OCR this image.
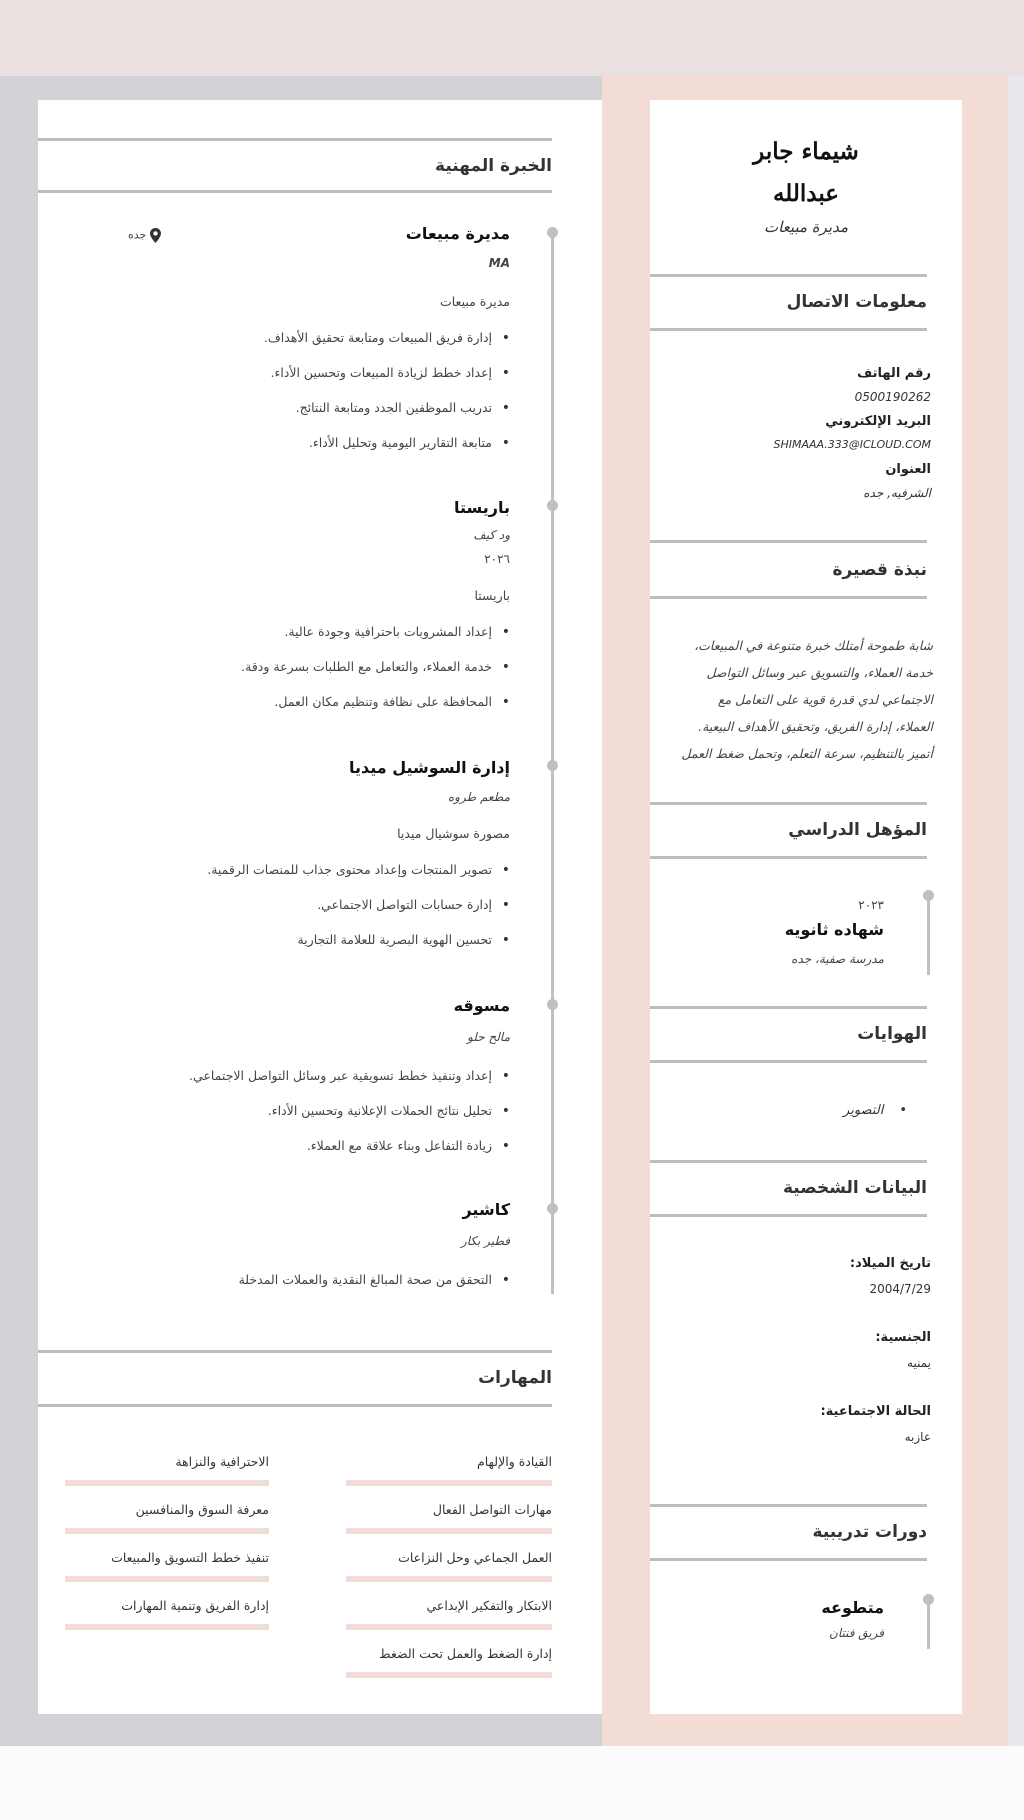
شيماء جابر
عبدالله
مديرة مبيعات
معلومات الاتصال
رقم الهاتف
0500190262
البريد الإلكتروني
SHIMAAA.333@ICLOUD.COM
العنوان
الشرفيه, جده
نبذة قصيرة
شابة طموحة أمتلك خبرة متنوعة في المبيعات،
خدمة العملاء، والتسويق عبر وسائل التواصل
الاجتماعي لدي قدرة قوية على التعامل مع
العملاء، إدارة الفريق، وتحقيق الأهداف البيعية.
أتميز بالتنظيم، سرعة التعلم، وتحمل ضغط العمل
المؤهل الدراسي
٢٠٢٣
شهاده ثانويه
مدرسة صفية، جده
الهوايات
•التصوير
البيانات الشخصية
تاريخ الميلاد:
2004/7/29
الجنسية:
يمنيه
الحالة الاجتماعية:
عازبه
دورات تدريبية
متطوعه
فريق فنتان
الخبرة المهنية
مديرة مبيعات
جده
MA
مديرة مبيعات
• إدارة فريق المبيعات ومتابعة تحقيق الأهداف.
• إعداد خطط لزيادة المبيعات وتحسين الأداء.
• تدريب الموظفين الجدد ومتابعة النتائج.
• متابعة التقارير اليومية وتحليل الأداء.
باريستا
ود كيف
٢٠٢٦
باريستا
• إعداد المشروبات باحترافية وجودة عالية.
• خدمة العملاء، والتعامل مع الطلبات بسرعة ودقة.
• المحافظة على نظافة وتنظيم مكان العمل.
إدارة السوشيل ميديا
مطعم طروه
مصورة سوشيال ميديا
• تصوير المنتجات وإعداد محتوى جذاب للمنصات الرقمية.
• إدارة حسابات التواصل الاجتماعي.
• تحسين الهوية البصرية للعلامة التجارية
مسوقه
مالح حلو
• إعداد وتنفيذ خطط تسويقية عبر وسائل التواصل الاجتماعي.
• تحليل نتائج الحملات الإعلانية وتحسين الأداء.
• زيادة التفاعل وبناء علاقة مع العملاء.
كاشير
فطير بكار
• التحقق من صحة المبالغ النقدية والعملات المدخلة
المهارات
القيادة والإلهام
مهارات التواصل الفعال
العمل الجماعي وحل النزاعات
الابتكار والتفكير الإبداعي
إدارة الضغط والعمل تحت الضغط
الاحترافية والنزاهة
معرفة السوق والمنافسين
تنفيذ خطط التسويق والمبيعات
إدارة الفريق وتنمية المهارات
